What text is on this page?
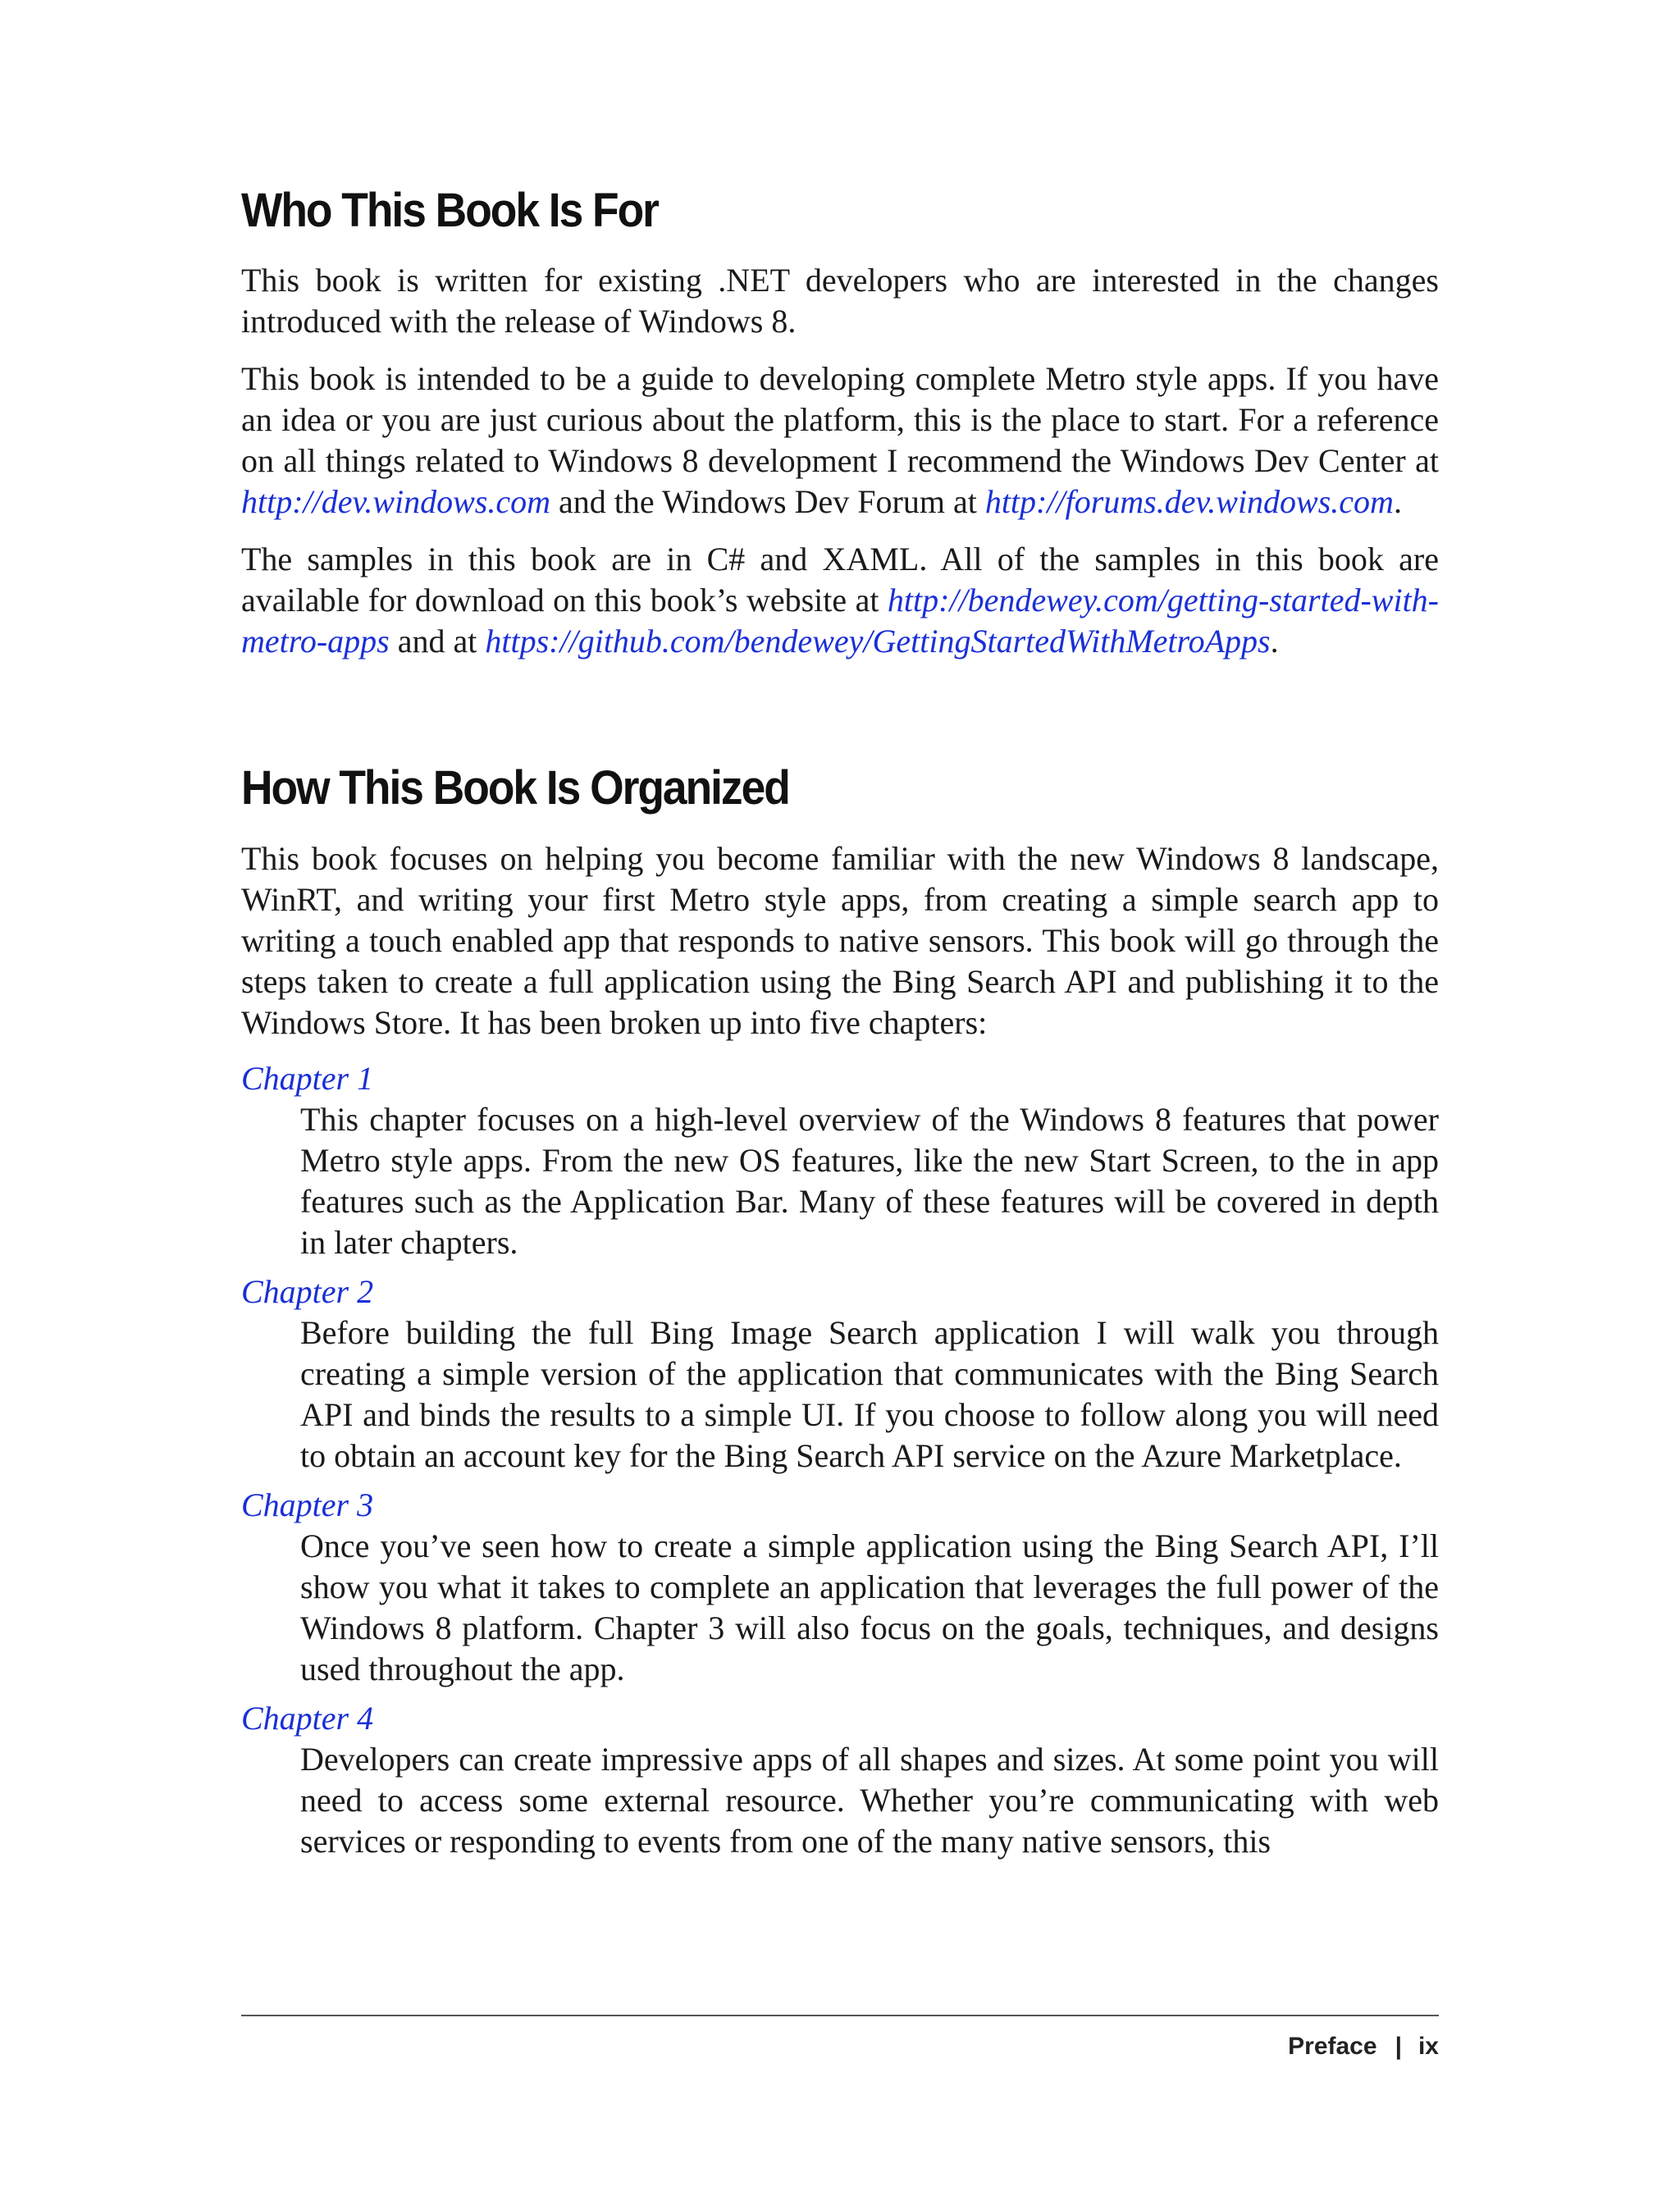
Who This Book Is For

This book is written for existing .NET developers who are interested in the changes introduced with the release of Windows 8.

This book is intended to be a guide to developing complete Metro style apps. If you have an idea or you are just curious about the platform, this is the place to start. For a reference on all things related to Windows 8 development I recommend the Windows Dev Center at http://dev.windows.com and the Windows Dev Forum at http://forums.dev.windows.com.

The samples in this book are in C# and XAML. All of the samples in this book are available for download on this book’s website at http://bendewey.com/getting-started-with-metro-apps and at https://github.com/bendewey/GettingStartedWithMetroApps.

How This Book Is Organized

This book focuses on helping you become familiar with the new Windows 8 landscape, WinRT, and writing your first Metro style apps, from creating a simple search app to writing a touch enabled app that responds to native sensors. This book will go through the steps taken to create a full application using the Bing Search API and publishing it to the Windows Store. It has been broken up into five chapters:

Chapter 1
This chapter focuses on a high-level overview of the Windows 8 features that power Metro style apps. From the new OS features, like the new Start Screen, to the in app features such as the Application Bar. Many of these features will be covered in depth in later chapters.
Chapter 2
Before building the full Bing Image Search application I will walk you through creating a simple version of the application that communicates with the Bing Search API and binds the results to a simple UI. If you choose to follow along you will need to obtain an account key for the Bing Search API service on the Azure Marketplace.
Chapter 3
Once you’ve seen how to create a simple application using the Bing Search API, I’ll show you what it takes to complete an application that leverages the full power of the Windows 8 platform. Chapter 3 will also focus on the goals, techniques, and designs used throughout the app.
Chapter 4
Developers can create impressive apps of all shapes and sizes. At some point you will need to access some external resource. Whether you’re communicating with web services or responding to events from one of the many native sensors, this
Preface | ix
